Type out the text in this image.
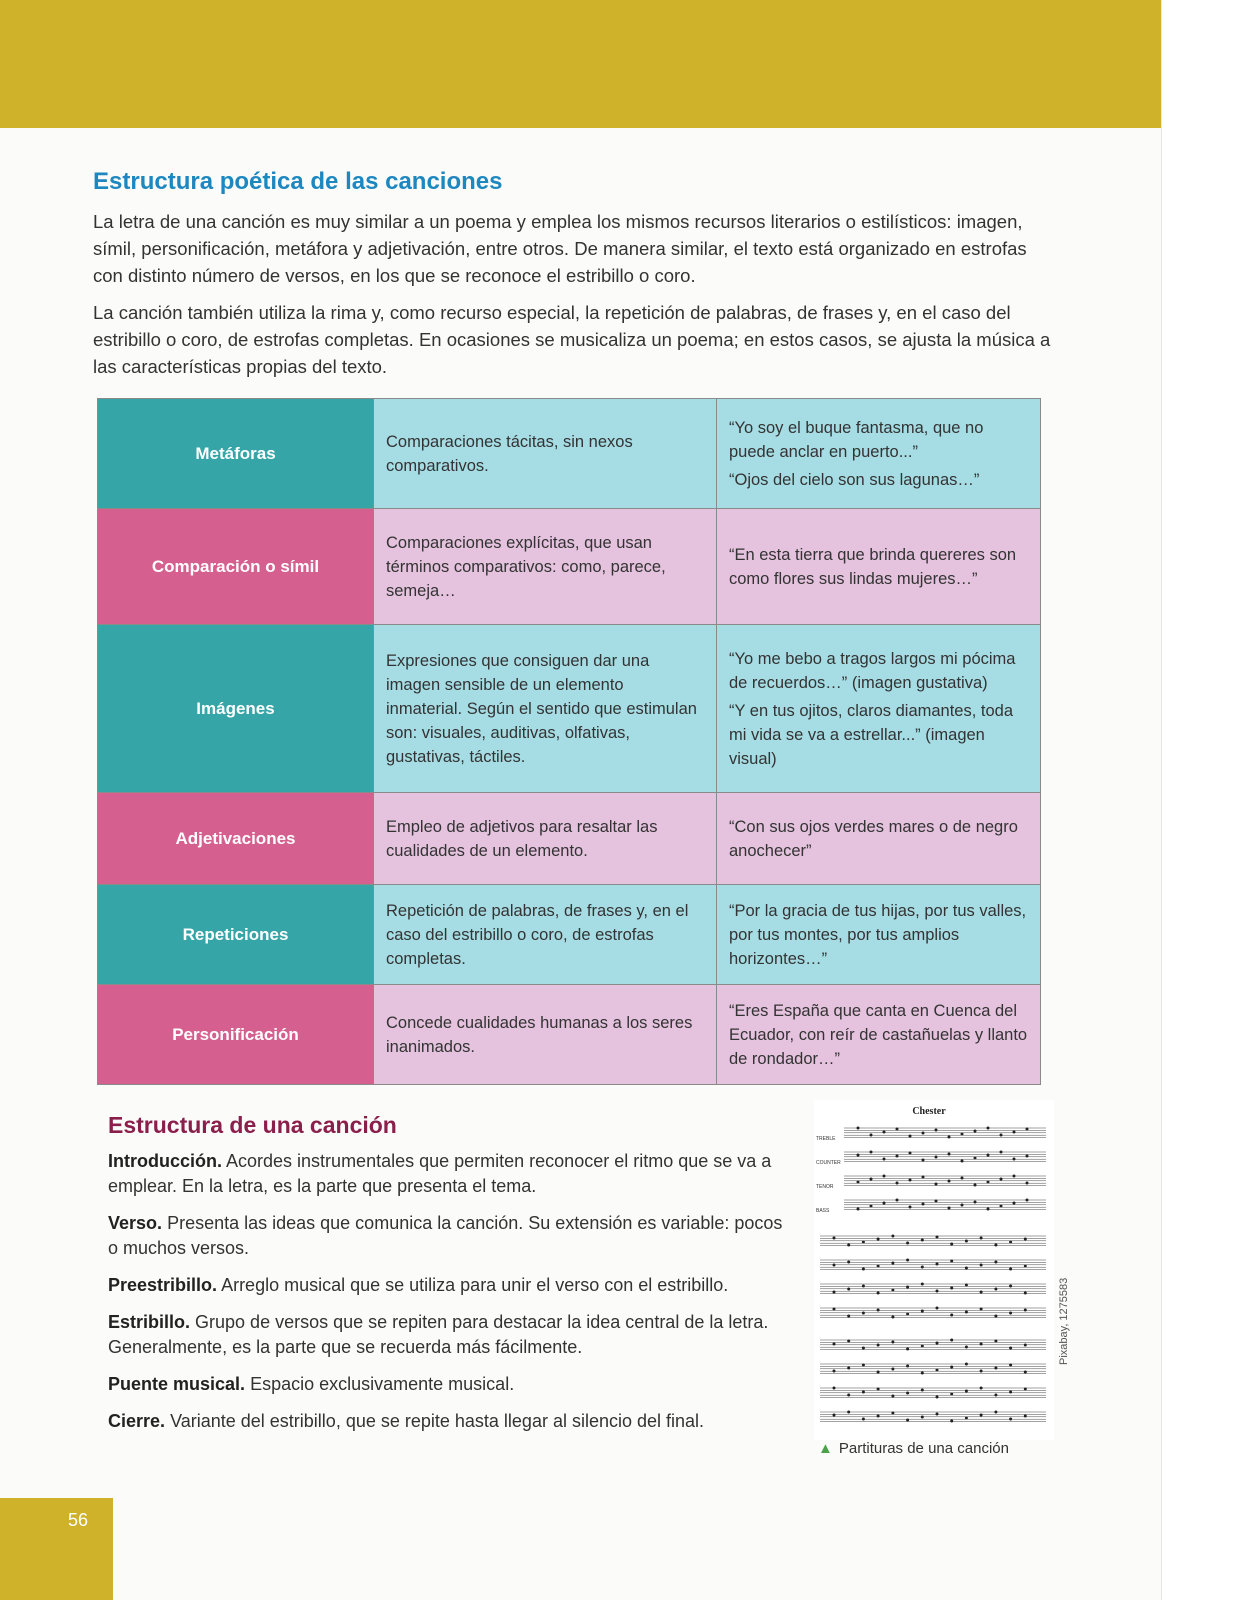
Estructura poética de las canciones

La letra de una canción es muy similar a un poema y emplea los mismos recursos literarios o estilísticos: imagen, símil, personificación, metáfora y adjetivación, entre otros. De manera similar, el texto está organizado en estrofas con distinto número de versos, en los que se reconoce el estribillo o coro.

La canción también utiliza la rima y, como recurso especial, la repetición de palabras, de frases y, en el caso del estribillo o coro, de estrofas completas. En ocasiones se musicaliza un poema; en estos casos, se ajusta la música a las características propias del texto.

Metáforas	Comparaciones tácitas, sin nexos comparativos.	“Yo soy el buque fantasma, que no puede anclar en puerto...”

“Ojos del cielo son sus lagunas…”

Comparación o símil	Comparaciones explícitas, que usan términos comparativos: como, parece, semeja…	“En esta tierra que brinda quereres son como flores sus lindas mujeres…”

Imágenes	Expresiones que consiguen dar una imagen sensible de un elemento inmaterial. Según el sentido que estimulan son: visuales, auditivas, olfativas, gustativas, táctiles.	“Yo me bebo a tragos largos mi pócima de recuerdos…” (imagen gustativa)

“Y en tus ojitos, claros diamantes, toda mi vida se va a estrellar...” (imagen visual)

Adjetivaciones	Empleo de adjetivos para resaltar las cualidades de un elemento.	“Con sus ojos verdes mares o de negro anochecer”

Repeticiones	Repetición de palabras, de frases y, en el caso del estribillo o coro, de estrofas completas.	“Por la gracia de tus hijas, por tus valles, por tus montes, por tus amplios horizontes…”

Personificación	Concede cualidades humanas a los seres inanimados.	“Eres España que canta en Cuenca del Ecuador, con reír de castañuelas y llanto de rondador…”

Estructura de una canción

Introducción. Acordes instrumentales que permiten reconocer el ritmo que se va a emplear. En la letra, es la parte que presenta el tema.

Verso. Presenta las ideas que comunica la canción. Su extensión es variable: pocos o muchos versos.

Preestribillo. Arreglo musical que se utiliza para unir el verso con el estribillo.

Estribillo. Grupo de versos que se repiten para destacar la idea central de la letra. Generalmente, es la parte que se recuerda más fácilmente.

Puente musical. Espacio exclusivamente musical.

Cierre. Variante del estribillo, que se repite hasta llegar al silencio del final.

Chester
TREBLE
COUNTER
TENOR
BASS
▲ Partituras de una canción
Pixabay, 1275583
56
